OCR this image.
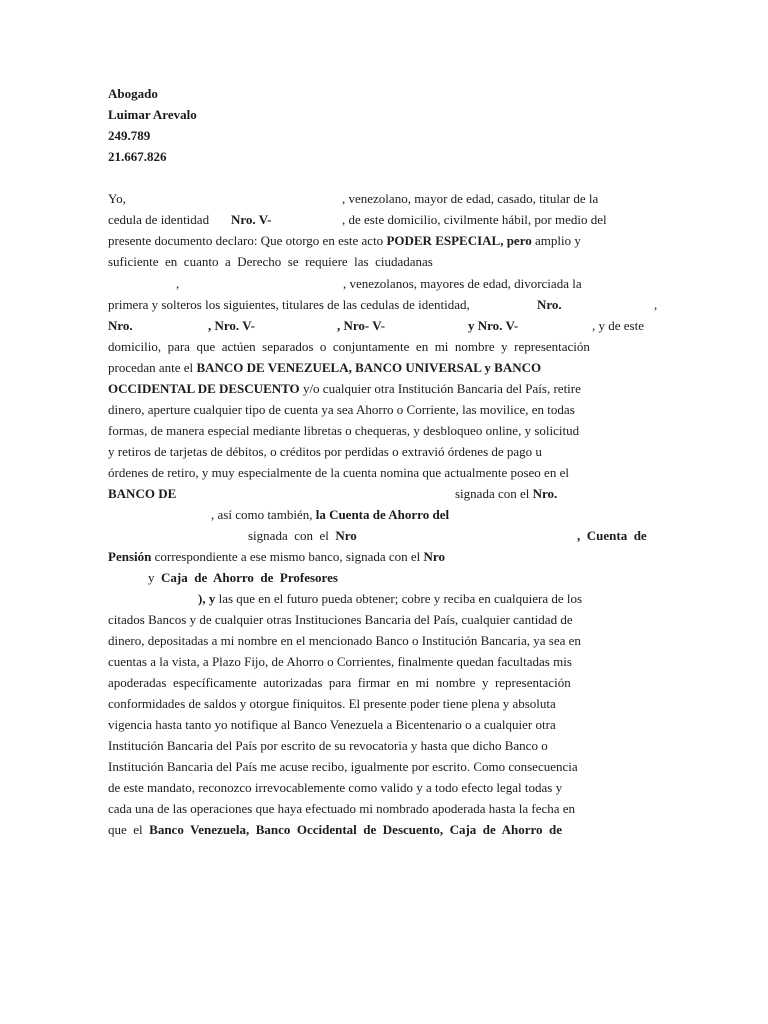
Abogado
Luimar Arevalo
249.789
21.667.826
Yo,	, venezolano, mayor de edad, casado, titular de la
cedula de identidad Nro. V-	, de este domicilio, civilmente hábil, por medio del
presente documento declaro: Que otorgo en este acto PODER ESPECIAL, pero amplio y
suficiente  en  cuanto  a  Derecho  se  requiere  las  ciudadanas
,	, venezolanos, mayores de edad, divorciada la
primera y solteros los siguientes, titulares de las cedulas de identidad,	Nro.	,
Nro.	, Nro. V-	, Nro- V-	y Nro. V-	, y de este
domicilio,  para  que  actúen  separados  o  conjuntamente  en  mi  nombre  y  representación
procedan ante el BANCO DE VENEZUELA, BANCO UNIVERSAL y BANCO
OCCIDENTAL DE DESCUENTO y/o cualquier otra Institución Bancaria del País, retire
dinero, aperture cualquier tipo de cuenta ya sea Ahorro o Corriente, las movilice, en todas
formas, de manera especial mediante libretas o chequeras, y desbloqueo online, y solicitud
y retiros de tarjetas de débitos, o créditos por perdidas o extravió órdenes de pago u
órdenes de retiro, y muy especialmente de la cuenta nomina que actualmente poseo en el
BANCO DE	signada con el Nro.
, así como también, la Cuenta de Ahorro del
signada  con  el  Nro	,  Cuenta  de
Pensión correspondiente a ese mismo banco, signada con el Nro
y  Caja  de  Ahorro  de  Profesores
), y las que en el futuro pueda obtener; cobre y reciba en cualquiera de los
citados Bancos y de cualquier otras Instituciones Bancaria del País, cualquier cantidad de
dinero, depositadas a mi nombre en el mencionado Banco o Institución Bancaria, ya sea en
cuentas a la vista, a Plazo Fijo, de Ahorro o Corrientes, finalmente quedan facultadas mis
apoderadas  específicamente  autorizadas  para  firmar  en  mi  nombre  y  representación
conformidades de saldos y otorgue finiquitos. El presente poder tiene plena y absoluta
vigencia hasta tanto yo notifique al Banco Venezuela a Bicentenario o a cualquier otra
Institución Bancaria del País por escrito de su revocatoria y hasta que dicho Banco o
Institución Bancaria del País me acuse recibo, igualmente por escrito. Como consecuencia
de este mandato, reconozco irrevocablemente como valido y a todo efecto legal todas y
cada una de las operaciones que haya efectuado mi nombrado apoderada hasta la fecha en
que  el  Banco  Venezuela,  Banco  Occidental  de  Descuento,  Caja  de  Ahorro  de
